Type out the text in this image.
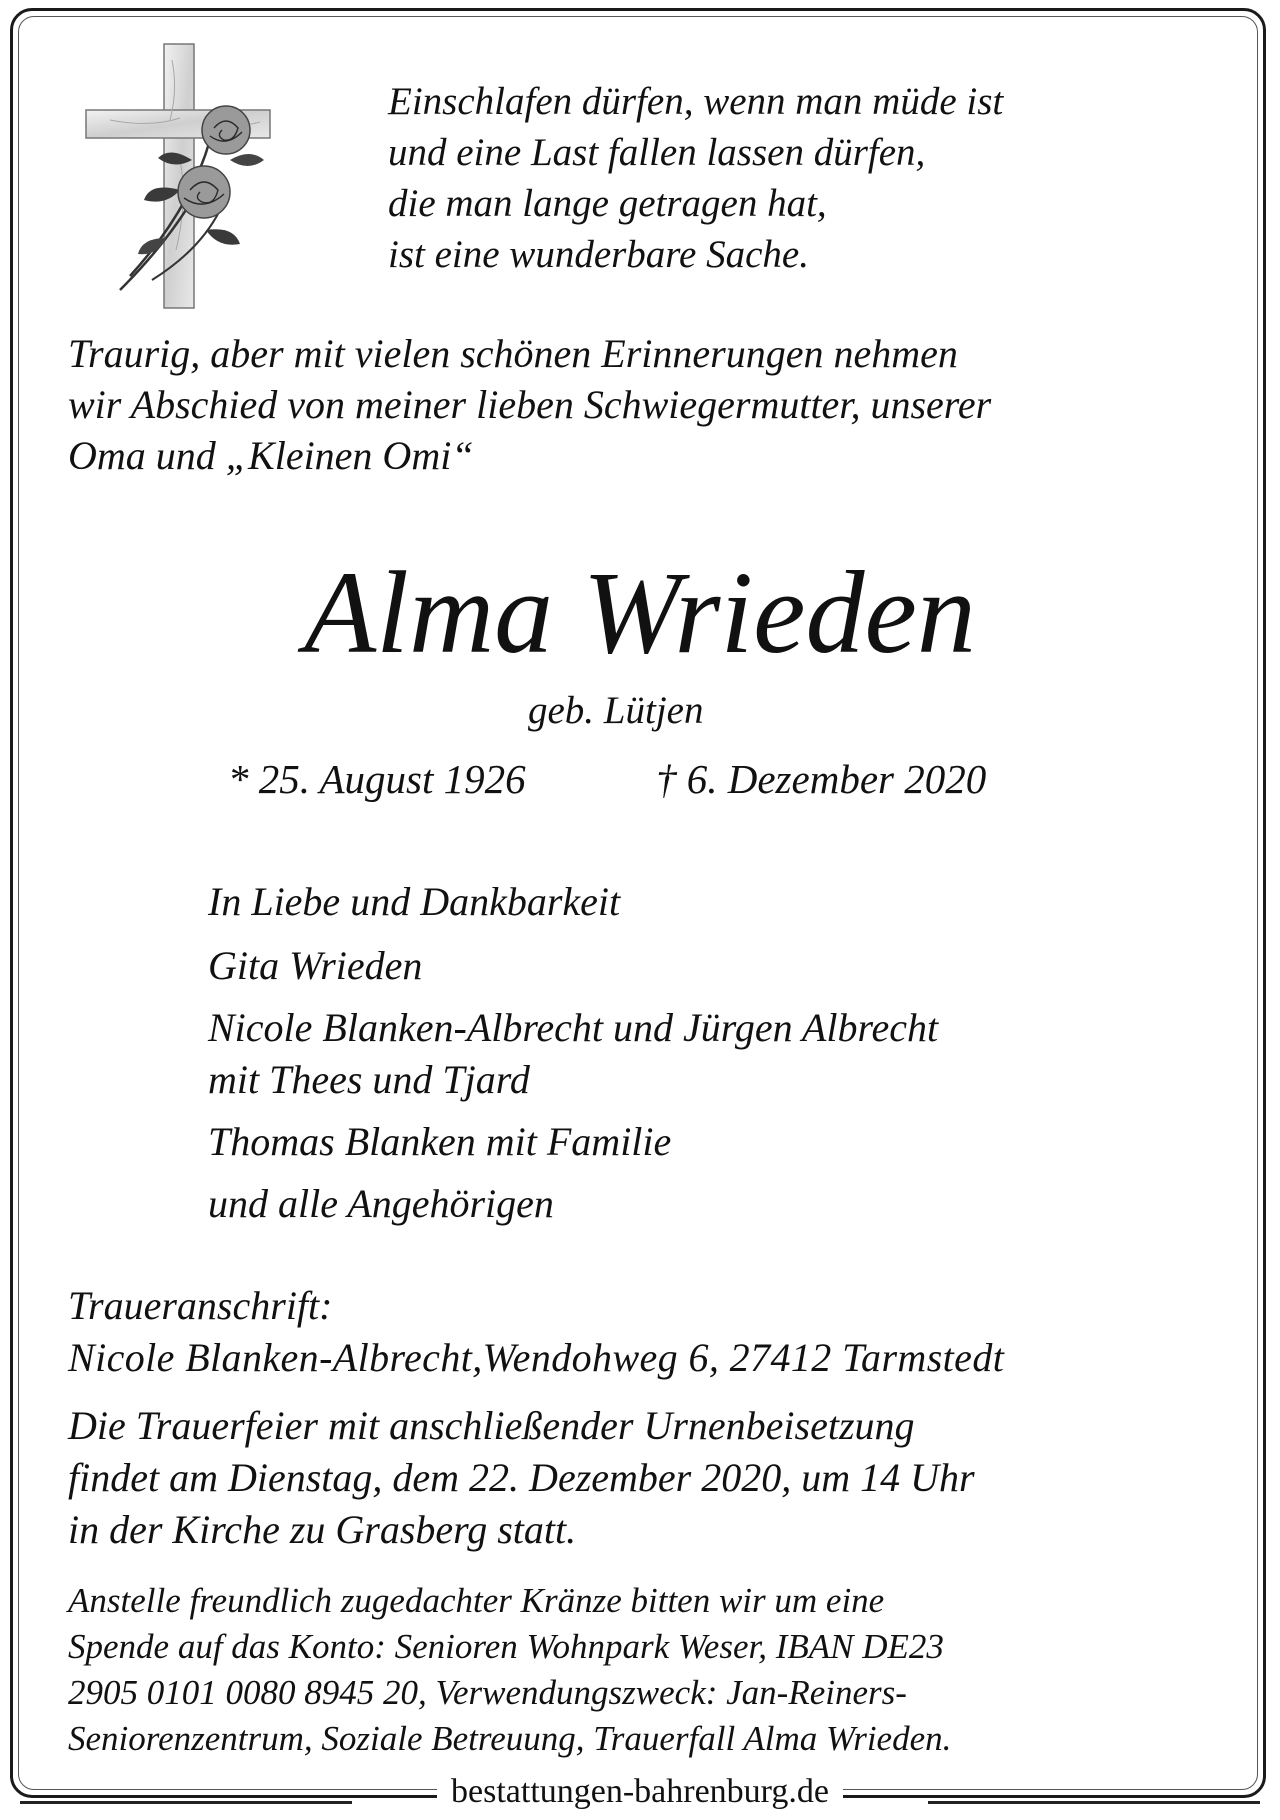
Einschlafen dürfen, wenn man müde ist
und eine Last fallen lassen dürfen,
die man lange getragen hat,
ist eine wunderbare Sache.
Traurig, aber mit vielen schönen Erinnerungen nehmen
wir Abschied von meiner lieben Schwiegermutter, unserer
Oma und „Kleinen Omi“
Alma Wrieden
geb. Lütjen
* 25. August 1926	† 6. Dezember 2020
In Liebe und Dankbarkeit
Gita Wrieden
Nicole Blanken-Albrecht und Jürgen Albrecht
mit Thees und Tjard
Thomas Blanken mit Familie
und alle Angehörigen
Traueranschrift:
Nicole Blanken-Albrecht,Wendohweg 6, 27412 Tarmstedt
Die Trauerfeier mit anschließender Urnenbeisetzung
findet am Dienstag, dem 22. Dezember 2020, um 14 Uhr
in der Kirche zu Grasberg statt.
Anstelle freundlich zugedachter Kränze bitten wir um eine
Spende auf das Konto: Senioren Wohnpark Weser, IBAN DE23
2905 0101 0080 8945 20, Verwendungszweck: Jan-Reiners-
Seniorenzentrum, Soziale Betreuung, Trauerfall Alma Wrieden.
bestattungen-bahrenburg.de
